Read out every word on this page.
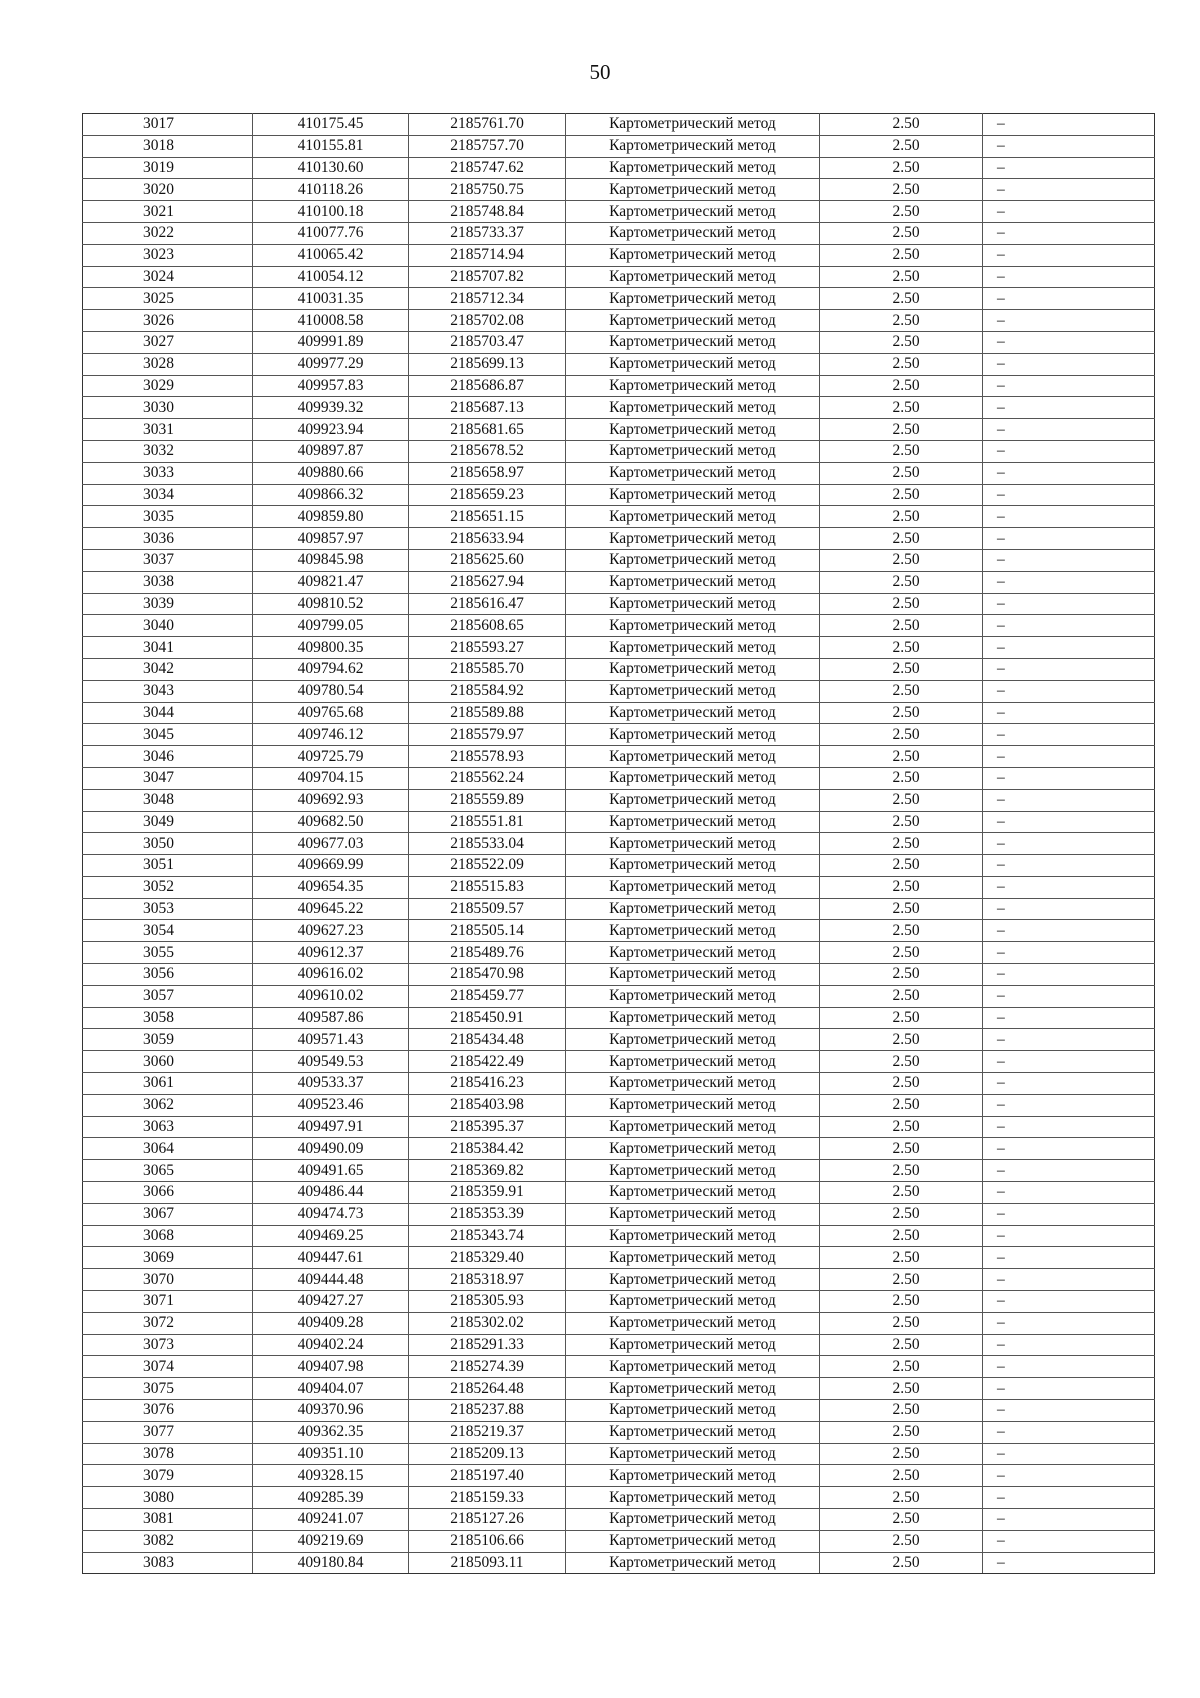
50
3017	410175.45	2185761.70	Картометрический метод	2.50	–
3018	410155.81	2185757.70	Картометрический метод	2.50	–
3019	410130.60	2185747.62	Картометрический метод	2.50	–
3020	410118.26	2185750.75	Картометрический метод	2.50	–
3021	410100.18	2185748.84	Картометрический метод	2.50	–
3022	410077.76	2185733.37	Картометрический метод	2.50	–
3023	410065.42	2185714.94	Картометрический метод	2.50	–
3024	410054.12	2185707.82	Картометрический метод	2.50	–
3025	410031.35	2185712.34	Картометрический метод	2.50	–
3026	410008.58	2185702.08	Картометрический метод	2.50	–
3027	409991.89	2185703.47	Картометрический метод	2.50	–
3028	409977.29	2185699.13	Картометрический метод	2.50	–
3029	409957.83	2185686.87	Картометрический метод	2.50	–
3030	409939.32	2185687.13	Картометрический метод	2.50	–
3031	409923.94	2185681.65	Картометрический метод	2.50	–
3032	409897.87	2185678.52	Картометрический метод	2.50	–
3033	409880.66	2185658.97	Картометрический метод	2.50	–
3034	409866.32	2185659.23	Картометрический метод	2.50	–
3035	409859.80	2185651.15	Картометрический метод	2.50	–
3036	409857.97	2185633.94	Картометрический метод	2.50	–
3037	409845.98	2185625.60	Картометрический метод	2.50	–
3038	409821.47	2185627.94	Картометрический метод	2.50	–
3039	409810.52	2185616.47	Картометрический метод	2.50	–
3040	409799.05	2185608.65	Картометрический метод	2.50	–
3041	409800.35	2185593.27	Картометрический метод	2.50	–
3042	409794.62	2185585.70	Картометрический метод	2.50	–
3043	409780.54	2185584.92	Картометрический метод	2.50	–
3044	409765.68	2185589.88	Картометрический метод	2.50	–
3045	409746.12	2185579.97	Картометрический метод	2.50	–
3046	409725.79	2185578.93	Картометрический метод	2.50	–
3047	409704.15	2185562.24	Картометрический метод	2.50	–
3048	409692.93	2185559.89	Картометрический метод	2.50	–
3049	409682.50	2185551.81	Картометрический метод	2.50	–
3050	409677.03	2185533.04	Картометрический метод	2.50	–
3051	409669.99	2185522.09	Картометрический метод	2.50	–
3052	409654.35	2185515.83	Картометрический метод	2.50	–
3053	409645.22	2185509.57	Картометрический метод	2.50	–
3054	409627.23	2185505.14	Картометрический метод	2.50	–
3055	409612.37	2185489.76	Картометрический метод	2.50	–
3056	409616.02	2185470.98	Картометрический метод	2.50	–
3057	409610.02	2185459.77	Картометрический метод	2.50	–
3058	409587.86	2185450.91	Картометрический метод	2.50	–
3059	409571.43	2185434.48	Картометрический метод	2.50	–
3060	409549.53	2185422.49	Картометрический метод	2.50	–
3061	409533.37	2185416.23	Картометрический метод	2.50	–
3062	409523.46	2185403.98	Картометрический метод	2.50	–
3063	409497.91	2185395.37	Картометрический метод	2.50	–
3064	409490.09	2185384.42	Картометрический метод	2.50	–
3065	409491.65	2185369.82	Картометрический метод	2.50	–
3066	409486.44	2185359.91	Картометрический метод	2.50	–
3067	409474.73	2185353.39	Картометрический метод	2.50	–
3068	409469.25	2185343.74	Картометрический метод	2.50	–
3069	409447.61	2185329.40	Картометрический метод	2.50	–
3070	409444.48	2185318.97	Картометрический метод	2.50	–
3071	409427.27	2185305.93	Картометрический метод	2.50	–
3072	409409.28	2185302.02	Картометрический метод	2.50	–
3073	409402.24	2185291.33	Картометрический метод	2.50	–
3074	409407.98	2185274.39	Картометрический метод	2.50	–
3075	409404.07	2185264.48	Картометрический метод	2.50	–
3076	409370.96	2185237.88	Картометрический метод	2.50	–
3077	409362.35	2185219.37	Картометрический метод	2.50	–
3078	409351.10	2185209.13	Картометрический метод	2.50	–
3079	409328.15	2185197.40	Картометрический метод	2.50	–
3080	409285.39	2185159.33	Картометрический метод	2.50	–
3081	409241.07	2185127.26	Картометрический метод	2.50	–
3082	409219.69	2185106.66	Картометрический метод	2.50	–
3083	409180.84	2185093.11	Картометрический метод	2.50	–
